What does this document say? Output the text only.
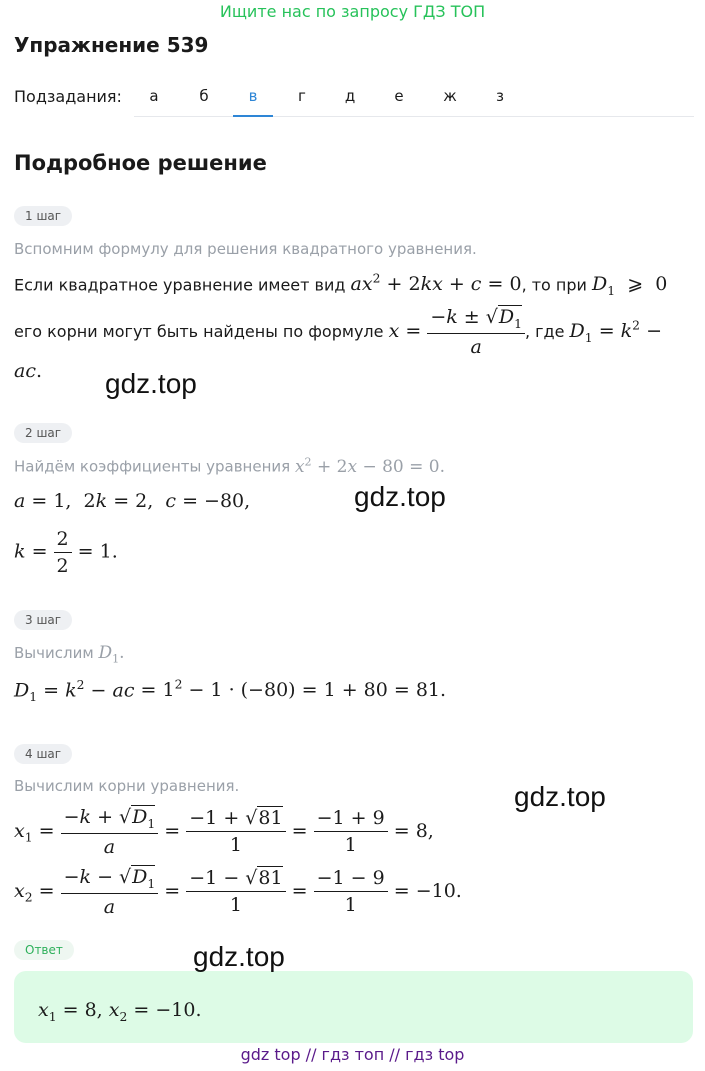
Ищите нас по запросу ГДЗ ТОП
Упражнение 539
Подзадания:	а	б	в	г	д	е	ж	з
Подробное решение
1 шаг
Вспомним формулу для решения квадратного уравнения.
Если квадратное уравнение имеет вид $ax^2 + 2kx + c = 0$, то при $D_1$  ⩾  0
его корни могут быть найдены по формуле $x = \frac{-k \pm √D_1}{a}$ , где $D_1 = k^2$ −
ac. gdz.top
2 шаг
Найдём коэффициенты уравнения $x^2 + 2x - 80 = 0$.
a = 1,  2k = 2,  c = −80,	gdz.top
$k = \frac{2}{2} = 1$.
3 шаг
Вычислим $D_1$.
$D_1 = k^2$ − ac = $1^2 - 1 \cdot (-80) = 1 + 80 = 81$.
4 шаг
Вычислим корни уравнения.	gdz.top
$x_1 = \frac{-k + √D_1}{a} = \frac{-1 + √81}{1} = \frac{-1 + 9}{1} = 8$,
$x_2 = \frac{-k - √D_1}{a} = \frac{-1 - √81}{1} = \frac{-1 - 9}{1} = -10$.
Ответ
$x_1 = 8$, $x_2 = -10$.
gdz.top
gdz top // гдз топ // гдз top
